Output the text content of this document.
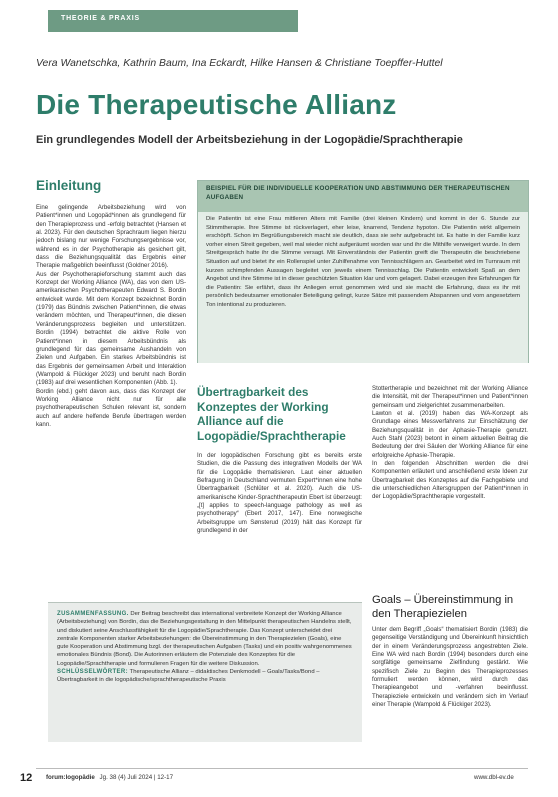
THEORIE & PRAXIS
Vera Wanetschka, Kathrin Baum, Ina Eckardt, Hilke Hansen & Christiane Toepffer-Huttel
Die Therapeutische Allianz
Ein grundlegendes Modell der Arbeitsbeziehung in der Logopädie/Sprachtherapie
Einleitung

Eine gelingende Arbeitsbeziehung wird von Patient*innen und Logopäd*innen als grundlegend für den Therapieprozess und -erfolg betrachtet (Hansen et al. 2023). Für den deutschen Sprachraum liegen hierzu jedoch bislang nur wenige Forschungsergebnisse vor, während es in der Psychotherapie als gesichert gilt, dass die Beziehungsqualität das Ergebnis einer Therapie maßgeblich beeinflusst (Goldner 2016).

Aus der Psychotherapieforschung stammt auch das Konzept der Working Alliance (WA), das von dem US-amerikanischen Psychotherapeuten Edward S. Bordin entwickelt wurde. Mit dem Konzept bezeichnet Bordin (1979) das Bündnis zwischen Patient*innen, die etwas verändern möchten, und Therapeut*innen, die diesen Veränderungsprozess begleiten und unterstützen. Bordin (1994) betrachtet die aktive Rolle von Patient*innen in diesem Arbeitsbündnis als grundlegend für das gemeinsame Aushandeln von Zielen und Aufgaben. Ein starkes Arbeitsbündnis ist das Ergebnis der gemeinsamen Arbeit und Interaktion (Wampold & Flückiger 2023) und beruht nach Bordin (1983) auf drei wesentlichen Komponenten (Abb. 1).

Bordin (ebd.) geht davon aus, dass das Konzept der Working Alliance nicht nur für alle psychotherapeutischen Schulen relevant ist, sondern auch auf andere helfende Berufe übertragen werden kann.

BEISPIEL FÜR DIE INDIVIDUELLE KOOPERATION UND ABSTIMMUNG DER THERAPEUTISCHEN AUFGABEN

Die Patientin ist eine Frau mittleren Alters mit Familie (drei kleinen Kindern) und kommt in der 6. Stunde zur Stimmtherapie. Ihre Stimme ist rückverlagert, eher leise, knarrend, Tendenz hypoton. Die Patientin wirkt allgemein erschöpft. Schon im Begrüßungsbereich macht sie deutlich, dass sie sehr aufgebracht ist. Es hatte in der Familie kurz vorher einen Streit gegeben, weil mal wieder nicht aufgeräumt worden war und ihr die Mithilfe verweigert wurde. In dem Streitgespräch hatte ihr die Stimme versagt. Mit Einverständnis der Patientin greift die Therapeutin die beschriebene Situation auf und bietet ihr ein Rollenspiel unter Zuhilfenahme von Tennisschlägern an. Gearbeitet wird im Turnraum mit kurzen schimpfenden Aussagen begleitet von jeweils einem Tennisschlag. Die Patientin entwickelt Spaß an dem Angebot und ihre Stimme ist in dieser geschützten Situation klar und vom gelagert. Dabei erzeugen ihre Erfahrungen für die Patientin: Sie erfährt, dass ihr Anliegen ernst genommen wird und sie macht die Erfahrung, dass es ihr mit persönlich bedeutsamer emotionaler Beteiligung gelingt, kurze Sätze mit passendem Abspannen und vorn angesetztem Ton intentional zu produzieren.

Übertragbarkeit des Konzeptes der Working Alliance auf die Logopädie/Sprachtherapie

In der logopädischen Forschung gibt es bereits erste Studien, die die Passung des integrativen Modells der WA für die Logopädie thematisieren. Laut einer aktuellen Befragung in Deutschland vermuten Expert*innen eine hohe Übertragbarkeit (Schlüter et al. 2020). Auch die US-amerikanische Kinder-Sprachtherapeutin Ebert ist überzeugt: „[t] applies to speech-language pathology as well as psychotherapy“ (Ebert 2017, 147). Eine norwegische Arbeitsgruppe um Sønsterud (2019) hält das Konzept für grundlegend in der

Stottertherapie und bezeichnet mit der Working Alliance die Intensität, mit der Therapeut*innen und Patient*innen gemeinsam und zielgerichtet zusammenarbeiten.

Lawton et al. (2019) haben das WA-Konzept als Grundlage eines Messverfahrens zur Einschätzung der Beziehungsqualität in der Aphasie-Therapie genutzt. Auch Stahl (2023) betont in einem aktuellen Beitrag die Bedeutung der drei Säulen der Working Alliance für eine erfolgreiche Aphasie-Therapie.

In den folgenden Abschnitten werden die drei Komponenten erläutert und anschließend erste Ideen zur Übertragbarkeit des Konzeptes auf die Fachgebiete und die unterschiedlichen Altersgruppen der Patient*innen in der Logopädie/Sprachtherapie vorgestellt.

Goals – Übereinstimmung in den Therapiezielen

Unter dem Begriff „Goals“ thematisiert Bordin (1983) die gegenseitige Verständigung und Übereinkunft hinsichtlich der in einem Veränderungsprozess angestrebten Ziele. Eine WA wird nach Bordin (1994) besonders durch eine sorgfältige gemeinsame Zielfindung gestärkt. Wie spezifisch Ziele zu Beginn des Therapieprozesses formuliert werden können, wird durch das Therapieangebot und -verfahren beeinflusst. Therapieziele entwickeln und verändern sich im Verlauf einer Therapie (Wampold & Flückiger 2023).

ZUSAMMENFASSUNG. Der Beitrag beschreibt das international verbreitete Konzept der Working Alliance (Arbeitsbeziehung) von Bordin, das die Beziehungsgestaltung in den Mittelpunkt therapeutischen Handelns stellt, und diskutiert seine Anschlussfähigkeit für die Logopädie/Sprachtherapie. Das Konzept unterscheidet drei zentrale Komponenten starker Arbeitsbeziehungen: die Übereinstimmung in den Therapiezielen (Goals), eine gute Kooperation und Abstimmung bzgl. der therapeutischen Aufgaben (Tasks) und ein positiv wahrgenommenes emotionales Bündnis (Bond). Die Autorinnen erläutern die Potenziale des Konzeptes für die Logopädie/Sprachtherapie und formulieren Fragen für die weitere Diskussion.

SCHLÜSSELWÖRTER: Therapeutische Allianz – didaktisches Denkmodell – Goals/Tasks/Bond – Übertragbarkeit in die logopädische/sprachtherapeutische Praxis

12 forum:logopädie Jg. 38 (4) Juli 2024 | 12-17	www.dbl-ev.de
